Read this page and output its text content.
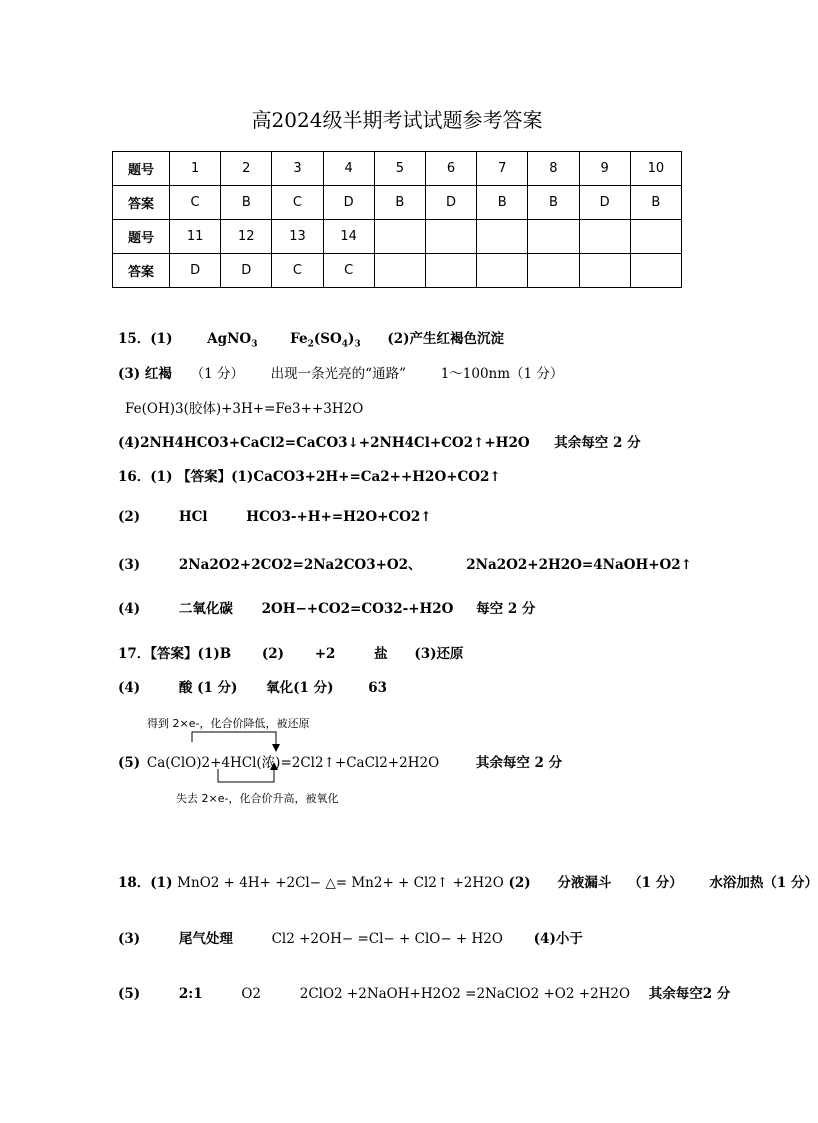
高2024级半期考试试题参考答案
题号	1	2	3	4	5	6	7	8	9	10
答案	C	B	C	D	B	D	B	B	D	B
题号	11	12	13	14						
答案	D	D	C	C						
15．(1)	AgNO$_3$ $Fe_2(SO_4)_3$ (2)产生红褐色沉淀
(3) 红褐 （1 分） 出现一条光亮的“通路”	1～100nm（1 分）
Fe(OH)3(胶体)+3H+=Fe3++3H2O
(4)2NH4HCO3+CaCl2=CaCO3↓+2NH4Cl+CO2↑+H2O 其余每空 2 分
16．(1) 【答案】(1)CaCO3+2H+=Ca2++H2O+CO2↑
(2)	HCl	HCO3-+H+=H2O+CO2↑
(3)	2Na2O2+2CO2=2Na2CO3+O2、	2Na2O2+2H2O=4NaOH+O2↑
(4)	二氧化碳 2OH−+CO2=CO32-+H2O 每空 2 分
17．【答案】(1)B (2) +2	盐 (3)还原
(4)	酸 (1 分) 氧化(1 分)	63
得到 2×e-，化合价降低，被还原
(5) Ca(ClO)2+4HCl(浓)=2Cl2↑+CaCl2+2H2O	其余每空 2 分
失去 2×e-，化合价升高，被氧化
18．(1) MnO2 + 4H+ +2Cl− △= Mn2+ + Cl2↑ +2H2O (2) 分液漏斗 （1 分） 水浴加热（1 分）
(3)	尾气处理	Cl2 +2OH− =Cl− + ClO− + H2O (4)小于
(5)	2:1	O2	2ClO2 +2NaOH+H2O2 =2NaClO2 +O2 +2H2O 其余每空2 分
